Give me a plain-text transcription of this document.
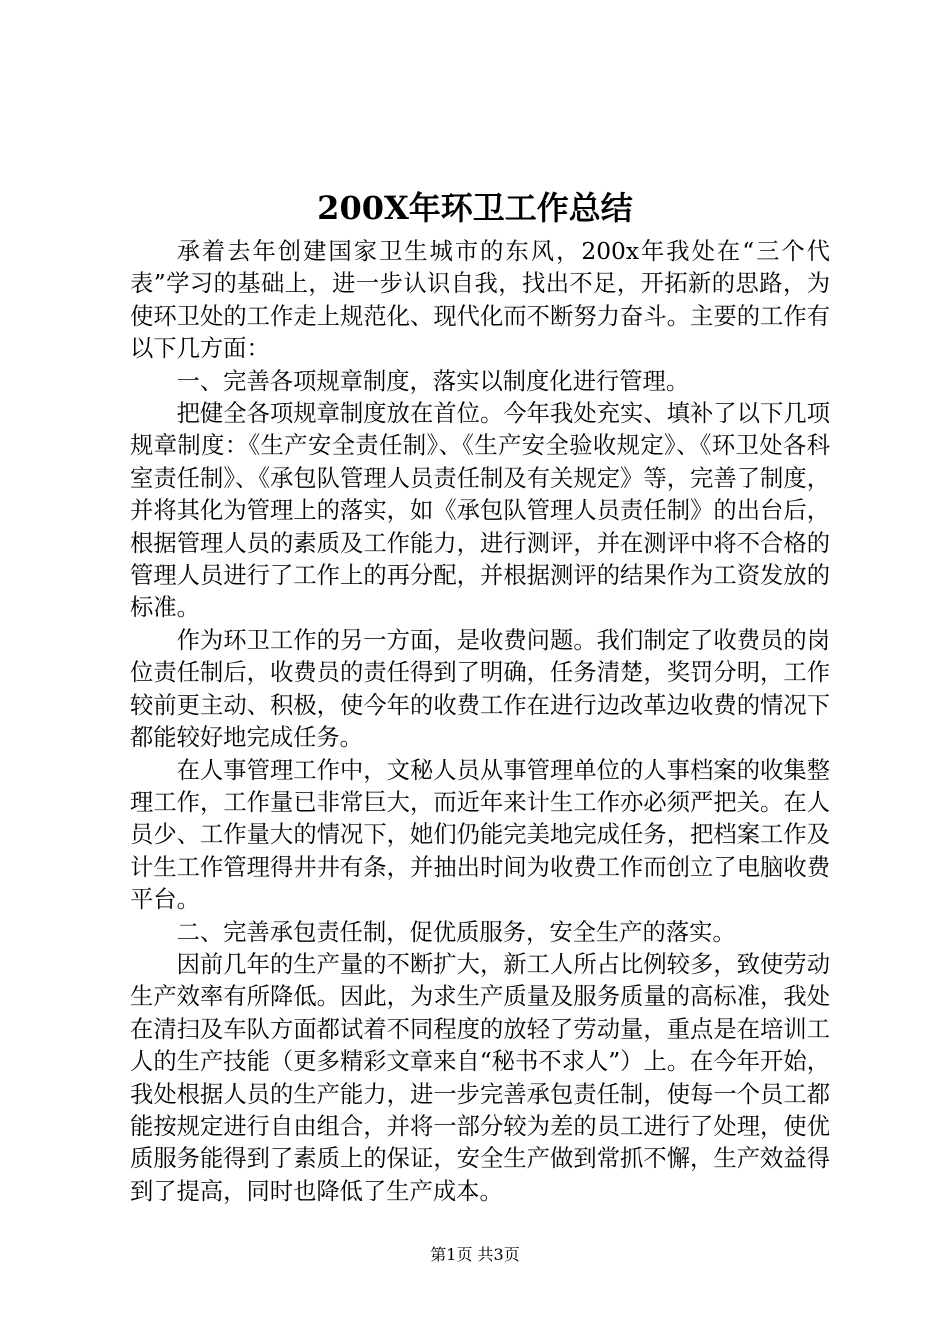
200X年环卫工作总结

承着去年创建国家卫生城市的东风，200x年我处在“三个代表”学习的基础上，进一步认识自我，找出不足，开拓新的思路，为使环卫处的工作走上规范化、现代化而不断努力奋斗。主要的工作有以下几方面：

一、完善各项规章制度，落实以制度化进行管理。

把健全各项规章制度放在首位。今年我处充实、填补了以下几项规章制度：《生产安全责任制》、《生产安全验收规定》、《环卫处各科室责任制》、《承包队管理人员责任制及有关规定》等，完善了制度，并将其化为管理上的落实，如《承包队管理人员责任制》的出台后，根据管理人员的素质及工作能力，进行测评，并在测评中将不合格的管理人员进行了工作上的再分配，并根据测评的结果作为工资发放的标准。

作为环卫工作的另一方面，是收费问题。我们制定了收费员的岗位责任制后，收费员的责任得到了明确，任务清楚，奖罚分明，工作较前更主动、积极，使今年的收费工作在进行边改革边收费的情况下都能较好地完成任务。

在人事管理工作中，文秘人员从事管理单位的人事档案的收集整理工作，工作量已非常巨大，而近年来计生工作亦必须严把关。在人员少、工作量大的情况下，她们仍能完美地完成任务，把档案工作及计生工作管理得井井有条，并抽出时间为收费工作而创立了电脑收费平台。

二、完善承包责任制，促优质服务，安全生产的落实。

因前几年的生产量的不断扩大，新工人所占比例较多，致使劳动生产效率有所降低。因此，为求生产质量及服务质量的高标准，我处在清扫及车队方面都试着不同程度的放轻了劳动量，重点是在培训工人的生产技能（更多精彩文章来自“秘书不求人”）上。在今年开始，我处根据人员的生产能力，进一步完善承包责任制，使每一个员工都能按规定进行自由组合，并将一部分较为差的员工进行了处理，使优质服务能得到了素质上的保证，安全生产做到常抓不懈，生产效益得到了提高，同时也降低了生产成本。

第1页 共3页
